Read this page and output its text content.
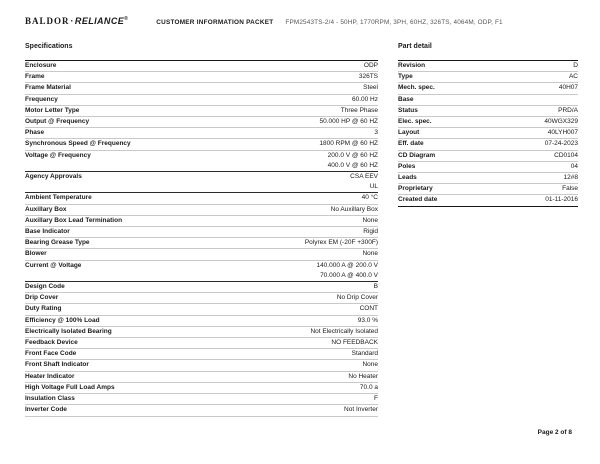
BALDOR·RELIANCE®	CUSTOMER INFORMATION PACKET FPM2543TS-2/4 - 50HP, 1770RPM, 3PH, 60HZ, 326TS, 4064M, ODP, F1
Specifications
Enclosure	ODP
Frame	326TS
Frame Material	Steel
Frequency	60.00 Hz
Motor Letter Type	Three Phase
Output @ Frequency	50.000 HP @ 60 HZ
Phase	3
Synchronous Speed @ Frequency	1800 RPM @ 60 HZ
Voltage @ Frequency	200.0 V @ 60 HZ
400.0 V @ 60 HZ
Agency Approvals	CSA EEV
UL
Ambient Temperature	40 °C
Auxillary Box	No Auxillary Box
Auxillary Box Lead Termination	None
Base Indicator	Rigid
Bearing Grease Type	Polyrex EM (-20F +300F)
Blower	None
Current @ Voltage	140.000 A @ 200.0 V
70.000 A @ 400.0 V
Design Code	B
Drip Cover	No Drip Cover
Duty Rating	CONT
Efficiency @ 100% Load	93.0 %
Electrically Isolated Bearing	Not Electrically Isolated
Feedback Device	NO FEEDBACK
Front Face Code	Standard
Front Shaft Indicator	None
Heater Indicator	No Heater
High Voltage Full Load Amps	70.0 a
Insulation Class	F
Inverter Code	Not Inverter
Part detail
Revision	D
Type	AC
Mech. spec.	40H07
Base

Status	PRD/A
Elec. spec.	40WGX329
Layout	40LYH007
Eff. date	07-24-2023
CD Diagram	CD0104
Poles	04
Leads	12#8
Proprietary	False
Created date	01-11-2016
Page 2 of 8
